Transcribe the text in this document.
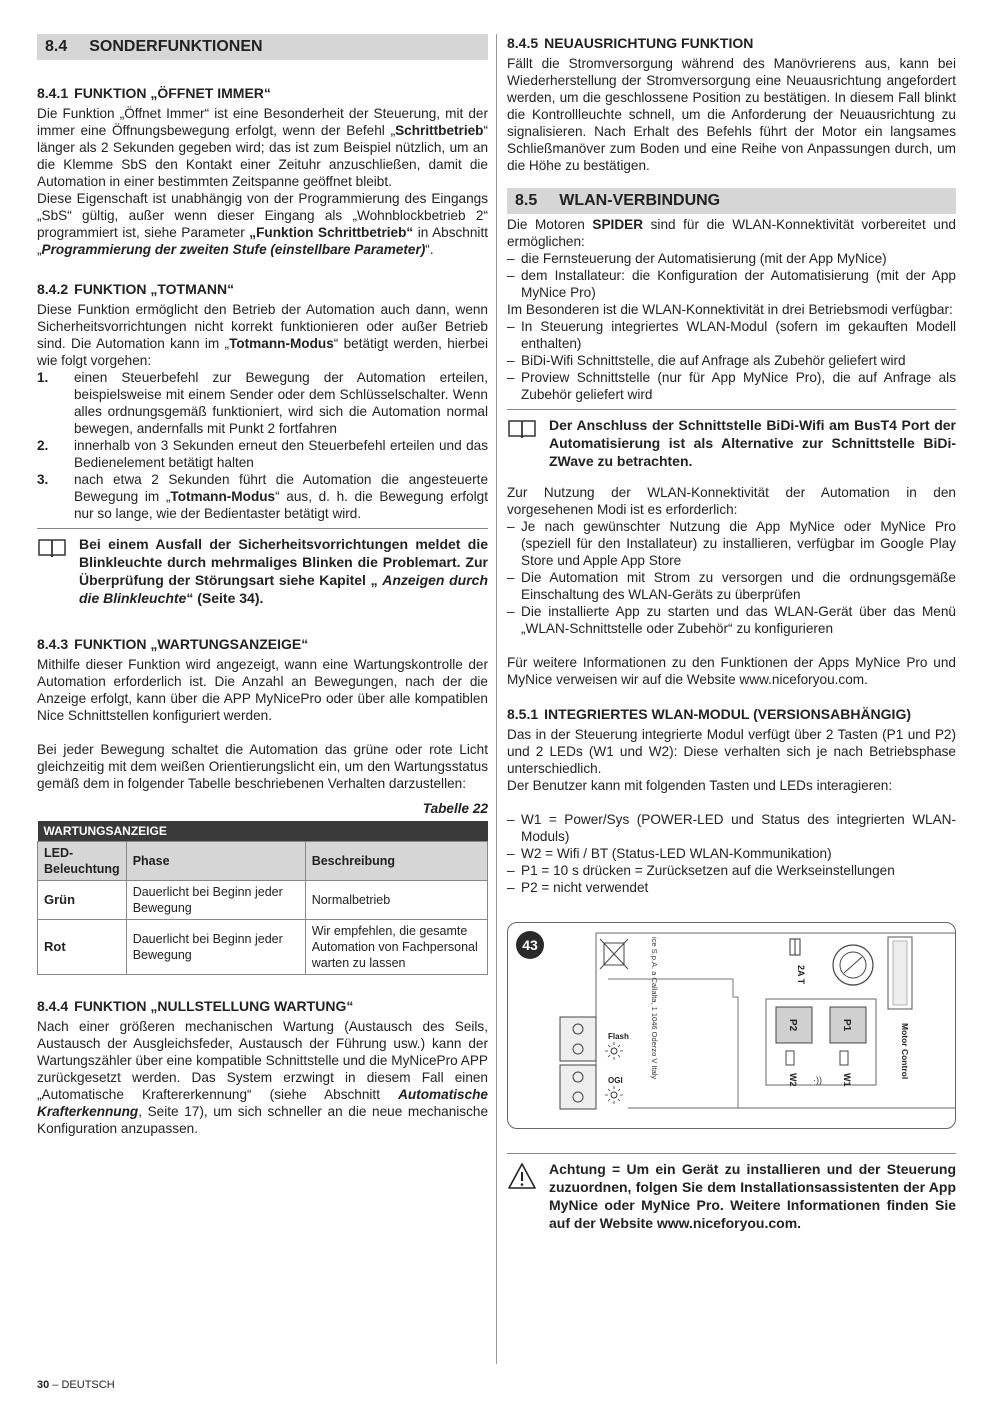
8.4 SONDERFUNKTIONEN
8.4.1 FUNKTION „ÖFFNET IMMER“

Die Funktion „Öffnet Immer“ ist eine Besonderheit der Steuerung, mit der immer eine Öffnungsbewegung erfolgt, wenn der Befehl „Schrittbetrieb“ länger als 2 Sekunden gegeben wird; das ist zum Beispiel nützlich, um an die Klemme SbS den Kontakt einer Zeituhr anzuschließen, damit die Automation in einer bestimmten Zeitspanne geöffnet bleibt.

Diese Eigenschaft ist unabhängig von der Programmierung des Eingangs „SbS“ gültig, außer wenn dieser Eingang als „Wohnblockbetrieb 2“ programmiert ist, siehe Parameter „Funktion Schrittbetrieb“ in Abschnitt „Programmierung der zweiten Stufe (einstellbare Parameter)“.

8.4.2 FUNKTION „TOTMANN“

Diese Funktion ermöglicht den Betrieb der Automation auch dann, wenn Sicherheitsvorrichtungen nicht korrekt funktionieren oder außer Betrieb sind. Die Automation kann im „Totmann-Modus“ betätigt werden, hierbei wie folgt vorgehen:

1. einen Steuerbefehl zur Bewegung der Automation erteilen, beispielsweise mit einem Sender oder dem Schlüsselschalter. Wenn alles ordnungsgemäß funktioniert, wird sich die Automation normal bewegen, andernfalls mit Punkt 2 fortfahren
2. innerhalb von 3 Sekunden erneut den Steuerbefehl erteilen und das Bedienelement betätigt halten
3. nach etwa 2 Sekunden führt die Automation die angesteuerte Bewegung im „Totmann-Modus“ aus, d. h. die Bewegung erfolgt nur so lange, wie der Bedientaster betätigt wird.
Bei einem Ausfall der Sicherheitsvorrichtungen meldet die Blinkleuchte durch mehrmaliges Blinken die Problemart. Zur Überprüfung der Störungsart siehe Kapitel „ Anzeigen durch die Blinkleuchte“ (Seite 34).
8.4.3 FUNKTION „WARTUNGSANZEIGE“

Mithilfe dieser Funktion wird angezeigt, wann eine Wartungskontrolle der Automation erforderlich ist. Die Anzahl an Bewegungen, nach der die Anzeige erfolgt, kann über die APP MyNicePro oder über alle kompatiblen Nice Schnittstellen konfiguriert werden.

Bei jeder Bewegung schaltet die Automation das grüne oder rote Licht gleichzeitig mit dem weißen Orientierungslicht ein, um den Wartungsstatus gemäß dem in folgender Tabelle beschriebenen Verhalten darzustellen:

Tabelle 22
WARTUNGSANZEIGE		
LED-Beleuchtung	Phase	Beschreibung
Grün	Dauerlicht bei Beginn jeder Bewegung	Normalbetrieb
Rot	Dauerlicht bei Beginn jeder Bewegung	Wir empfehlen, die gesamte Automation von Fachpersonal warten zu lassen
8.4.4 FUNKTION „NULLSTELLUNG WARTUNG“

Nach einer größeren mechanischen Wartung (Austausch des Seils, Austausch der Ausgleichsfeder, Austausch der Führung usw.) kann der Wartungszähler über eine kompatible Schnittstelle und die MyNicePro APP zurückgesetzt werden. Das System erzwingt in diesem Fall einen „Automatische Kraftererkennung“ (siehe Abschnitt Automatische Krafterkennung, Seite 17), um sich schneller an die neue mechanische Konfiguration anzupassen.

8.4.5 NEUAUSRICHTUNG FUNKTION

Fällt die Stromversorgung während des Manövrierens aus, kann bei Wiederherstellung der Stromversorgung eine Neuausrichtung angefordert werden, um die geschlossene Position zu bestätigen. In diesem Fall blinkt die Kontrollleuchte schnell, um die Anforderung der Neuausrichtung zu signalisieren. Nach Erhalt des Befehls führt der Motor ein langsames Schließmanöver zum Boden und eine Reihe von Anpassungen durch, um die Höhe zu bestätigen.

8.5 WLAN-VERBINDUNG

Die Motoren SPIDER sind für die WLAN-Konnektivität vorbereitet und ermöglichen:

– die Fernsteuerung der Automatisierung (mit der App MyNice)
– dem Installateur: die Konfiguration der Automatisierung (mit der App MyNice Pro)

Im Besonderen ist die WLAN-Konnektivität in drei Betriebsmodi verfügbar:

– In Steuerung integriertes WLAN-Modul (sofern im gekauften Modell enthalten)
– BiDi-Wifi Schnittstelle, die auf Anfrage als Zubehör geliefert wird
– Proview Schnittstelle (nur für App MyNice Pro), die auf Anfrage als Zubehör geliefert wird
Der Anschluss der Schnittstelle BiDi-Wifi am BusT4 Port der Automatisierung ist als Alternative zur Schnittstelle BiDi-ZWave zu betrachten.

Zur Nutzung der WLAN-Konnektivität der Automation in den vorgesehenen Modi ist es erforderlich:

– Je nach gewünschter Nutzung die App MyNice oder MyNice Pro (speziell für den Installateur) zu installieren, verfügbar im Google Play Store und Apple App Store
– Die Automation mit Strom zu versorgen und die ordnungsgemäße Einschaltung des WLAN-Geräts zu überprüfen
– Die installierte App zu starten und das WLAN-Gerät über das Menü „WLAN-Schnittstelle oder Zubehör“ zu konfigurieren

Für weitere Informationen zu den Funktionen der Apps MyNice Pro und MyNice verweisen wir auf die Website www.niceforyou.com.

8.5.1 INTEGRIERTES WLAN-MODUL (VERSIONSABHÄNGIG)

Das in der Steuerung integrierte Modul verfügt über 2 Tasten (P1 und P2) und 2 LEDs (W1 und W2): Diese verhalten sich je nach Betriebsphase unterschiedlich.

Der Benutzer kann mit folgenden Tasten und LEDs interagieren:

– W1 = Power/Sys (POWER-LED und Status des integrierten WLAN-Moduls)
– W2 = Wifi / BT (Status-LED WLAN-Kommunikation)
– P1 = 10 s drücken = Zurücksetzen auf die Werkseinstellungen
– P2 = nicht verwendet
43	ice S.p.A. a Callalta, 1 1046 Oderzo V Italy	2A T
Motor Control
P2	P1
W2	W1
·))
Flash
OGI
Achtung = Um ein Gerät zu installieren und der Steuerung zuzuordnen, folgen Sie dem Installationsassistenten der App MyNice oder MyNice Pro. Weitere Informationen finden Sie auf der Website www.niceforyou.com.
30 – DEUTSCH
